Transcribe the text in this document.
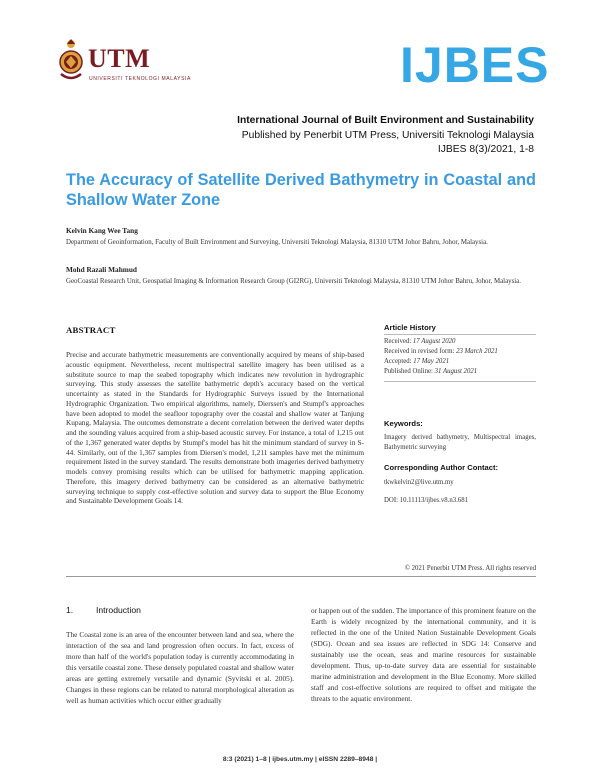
UTM
UNIVERSITI TEKNOLOGI MALAYSIA	IJBES
International Journal of Built Environment and Sustainability
Published by Penerbit UTM Press, Universiti Teknologi Malaysia
IJBES 8(3)/2021, 1-8
The Accuracy of Satellite Derived Bathymetry in Coastal and Shallow Water Zone
Kelvin Kang Wee Tang
Department of Geoinformation, Faculty of Built Environment and Surveying, Universiti Teknologi Malaysia, 81310 UTM Johor Bahru, Johor, Malaysia.
Mohd Razali Mahmud
GeoCoastal Research Unit, Geospatial Imaging & Information Research Group (GI2RG), Universiti Teknologi Malaysia, 81310 UTM Johor Bahru, Johor, Malaysia.
ABSTRACT
Precise and accurate bathymetric measurements are conventionally acquired by means of ship-based acoustic equipment. Nevertheless, recent multispectral satellite imagery has been utilised as a substitute source to map the seabed topography which indicates new revolution in hydrographic surveying. This study assesses the satellite bathymetric depth's accuracy based on the vertical uncertainty as stated in the Standards for Hydrographic Surveys issued by the International Hydrographic Organization. Two empirical algorithms, namely, Dierssen's and Stumpf's approaches have been adopted to model the seafloor topography over the coastal and shallow water at Tanjung Kupang, Malaysia. The outcomes demonstrate a decent correlation between the derived water depths and the sounding values acquired from a ship-based acoustic survey. For instance, a total of 1,215 out of the 1,367 generated water depths by Stumpf's model has hit the minimum standard of survey in S-44. Similarly, out of the 1,367 samples from Diersen's model, 1,211 samples have met the minimum requirement listed in the survey standard. The results demonstrate both imageries derived bathymetry models convey promising results which can be utilised for bathymetric mapping application. Therefore, this imagery derived bathymetry can be considered as an alternative bathymetric surveying technique to supply cost-effective solution and survey data to support the Blue Economy and Sustainable Development Goals 14.
Article History
Received: 17 August 2020
Received in revised form: 23 March 2021
Accepted: 17 May 2021
Published Online: 31 August 2021
Keywords:
Imagery derived bathymetry, Multispectral images, Bathymetric surveying
Corresponding Author Contact:
tkwkelvin2@live.utm.my
DOI: 10.11113/ijbes.v8.n3.681
© 2021 Penerbit UTM Press. All rights reserved
1.	Introduction
The Coastal zone is an area of the encounter between land and sea, where the interaction of the sea and land progression often occurs. In fact, excess of more than half of the world's population today is currently accommodating in this versatile coastal zone. These densely populated coastal and shallow water areas are getting extremely versatile and dynamic (Syvitski et al. 2005). Changes in these regions can be related to natural morphological alteration as well as human activities which occur either gradually
or happen out of the sudden. The importance of this prominent feature on the Earth is widely recognized by the international community, and it is reflected in the one of the United Nation Sustainable Development Goals (SDG). Ocean and sea issues are reflected in SDG 14: Conserve and sustainably use the ocean, seas and marine resources for sustainable development. Thus, up-to-date survey data are essential for sustainable marine administration and development in the Blue Economy. More skilled staff and cost-effective solutions are required to offset and mitigate the threats to the aquatic environment.
8:3 (2021) 1–8 | ijbes.utm.my | eISSN 2289–8948 |
